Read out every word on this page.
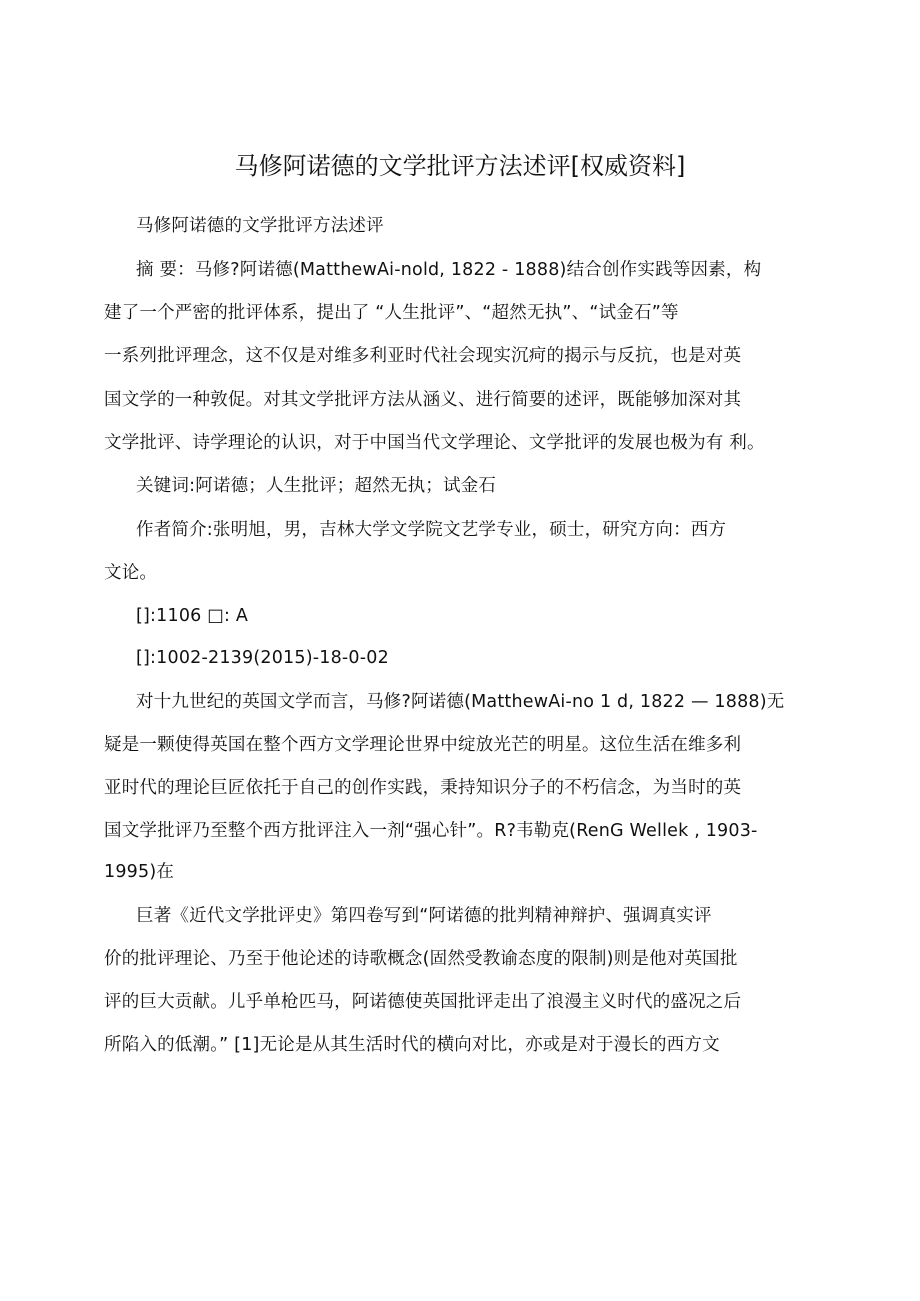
马修阿诺德的文学批评方法述评[权威资料]
马修阿诺德的文学批评方法述评
摘 要：马修?阿诺德(MatthewAi-nold, 1822 - 1888)结合创作实践等因素，构
建了一个严密的批评体系，提出了 “人生批评”、“超然无执”、“试金石”等
一系列批评理念，这不仅是对维多利亚时代社会现实沉疴的揭示与反抗，也是对英
国文学的一种敦促。对其文学批评方法从涵义、进行简要的述评，既能够加深对其
文学批评、诗学理论的认识，对于中国当代文学理论、文学批评的发展也极为有 利。
关键词:阿诺德；人生批评；超然无执；试金石
作者简介:张明旭，男，吉林大学文学院文艺学专业，硕士，研究方向：西方
文论。
[]:1106 □: A
[]:1002-2139(2015)-18-0-02
对十九世纪的英国文学而言，马修?阿诺德(MatthewAi-no 1 d, 1822 — 1888)无
疑是一颗使得英国在整个西方文学理论世界中绽放光芒的明星。这位生活在维多利
亚时代的理论巨匠依托于自己的创作实践，秉持知识分子的不朽信念，为当时的英
国文学批评乃至整个西方批评注入一剂“强心针”。R?韦勒克(RenG Wellek , 1903-
1995)在
巨著《近代文学批评史》第四卷写到“阿诺德的批判精神辩护、强调真实评
价的批评理论、乃至于他论述的诗歌概念(固然受教谕态度的限制)则是他对英国批
评的巨大贡献。儿乎单枪匹马，阿诺德使英国批评走出了浪漫主义时代的盛况之后
所陷入的低潮。” [1]无论是从其生活时代的横向对比，亦或是对于漫长的西方文
